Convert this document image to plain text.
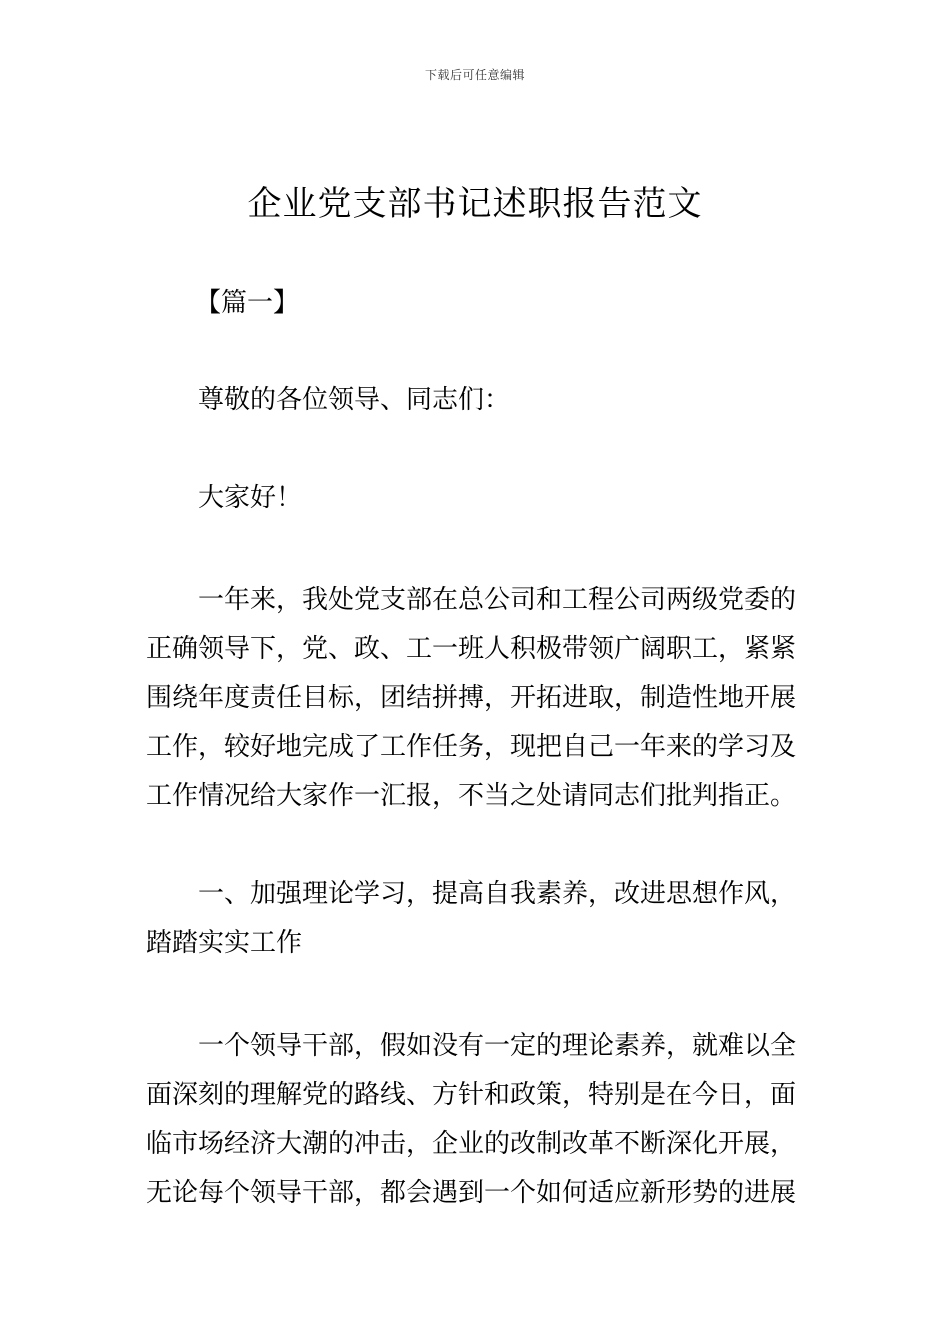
下载后可任意编辑
企业党支部书记述职报告范文
【篇一】
尊敬的各位领导、同志们：
大家好！
一年来，我处党支部在总公司和工程公司两级党委的
正确领导下，党、政、工一班人积极带领广阔职工，紧紧
围绕年度责任目标，团结拼搏，开拓进取，制造性地开展
工作，较好地完成了工作任务，现把自己一年来的学习及
工作情况给大家作一汇报，不当之处请同志们批判指正。
一、加强理论学习，提高自我素养，改进思想作风，
踏踏实实工作
一个领导干部，假如没有一定的理论素养，就难以全
面深刻的理解党的路线、方针和政策，特别是在今日，面
临市场经济大潮的冲击，企业的改制改革不断深化开展，
无论每个领导干部，都会遇到一个如何适应新形势的进展
